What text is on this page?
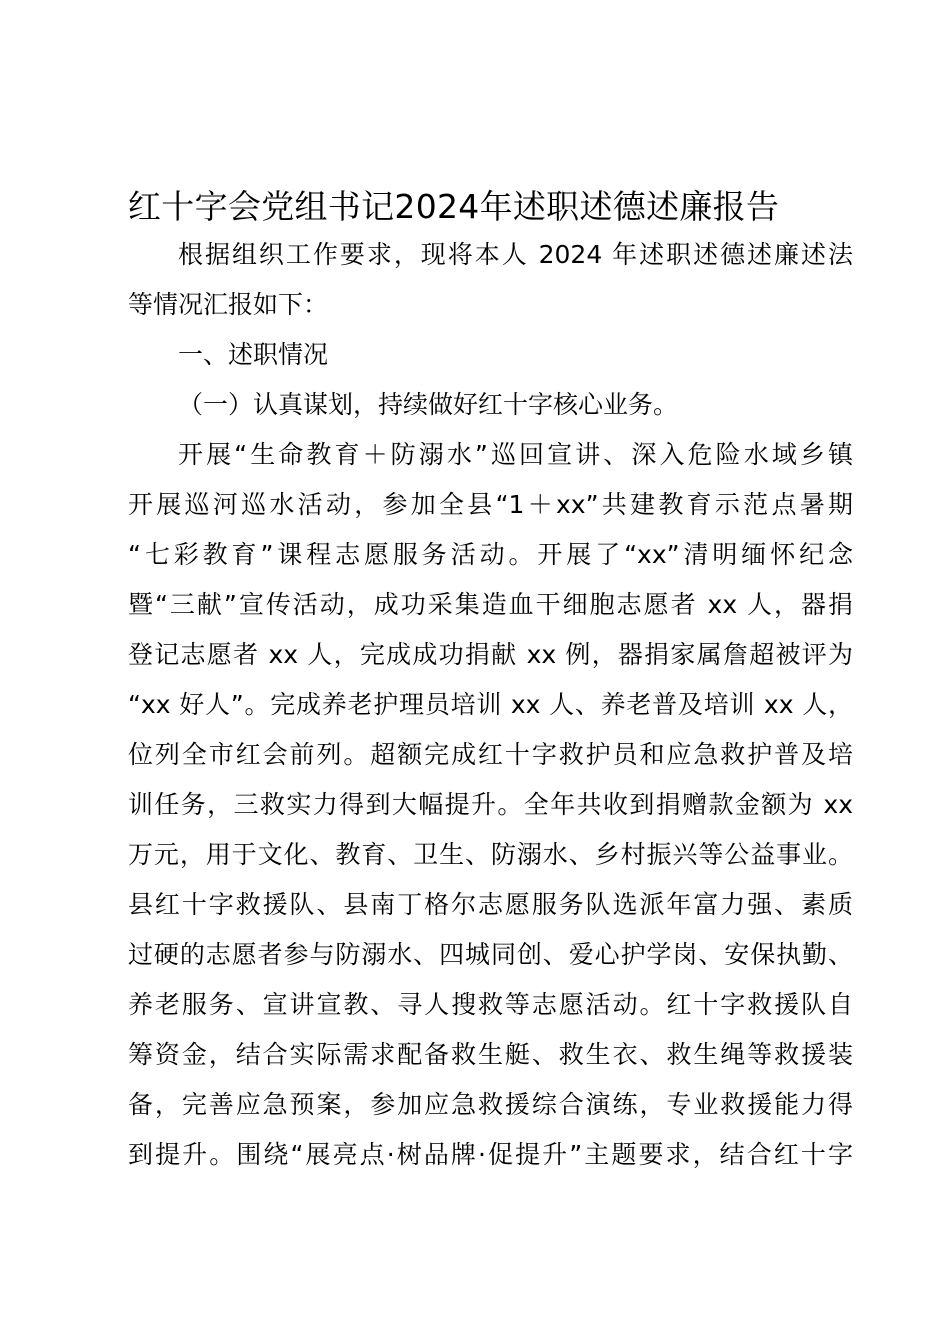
红十字会党组书记2024年述职述德述廉报告

根据组织工作要求，现将本人 2024 年述职述德述廉述法

等情况汇报如下：

一、述职情况

（一）认真谋划，持续做好红十字核心业务。

开展“生命教育＋防溺水”巡回宣讲、深入危险水域乡镇

开展巡河巡水活动，参加全县“1＋xx”共建教育示范点暑期

“七彩教育”课程志愿服务活动。开展了“xx”清明缅怀纪念

暨“三献”宣传活动，成功采集造血干细胞志愿者 xx 人，器捐

登记志愿者 xx 人，完成成功捐献 xx 例，器捐家属詹超被评为

“xx 好人”。完成养老护理员培训 xx 人、养老普及培训 xx 人，

位列全市红会前列。超额完成红十字救护员和应急救护普及培

训任务，三救实力得到大幅提升。全年共收到捐赠款金额为 xx

万元，用于文化、教育、卫生、防溺水、乡村振兴等公益事业。

县红十字救援队、县南丁格尔志愿服务队选派年富力强、素质

过硬的志愿者参与防溺水、四城同创、爱心护学岗、安保执勤、

养老服务、宣讲宣教、寻人搜救等志愿活动。红十字救援队自

筹资金，结合实际需求配备救生艇、救生衣、救生绳等救援装

备，完善应急预案，参加应急救援综合演练，专业救援能力得

到提升。围绕“展亮点·树品牌·促提升”主题要求，结合红十字
